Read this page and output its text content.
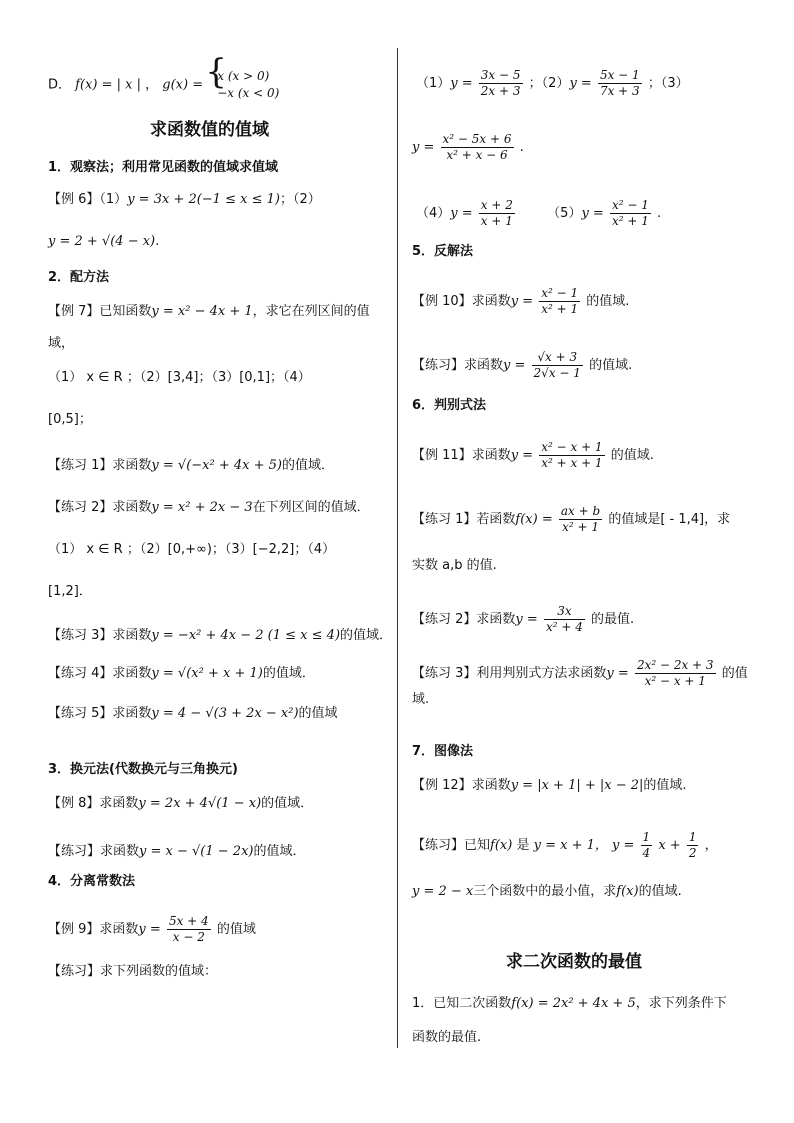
D． f(x) = | x | ， g(x) =
{ x (x > 0)
−x (x < 0)
求函数值的值域
1．观察法；利用常见函数的值域求值域
【例 6】（1）y = 3x + 2(−1 ≤ x ≤ 1)；（2）
y = 2 + √(4 − x).
2．配方法
【例 7】已知函数y = x² − 4x + 1，求它在列区间的值
域，
（1） x ∈ R ；（2）[3,4]；（3）[0,1]；（4）
[0,5]；
【练习 1】求函数y = √(−x² + 4x + 5)的值域．
【练习 2】求函数y = x² + 2x − 3在下列区间的值域．
（1） x ∈ R ；（2）[0,+∞)；（3）[−2,2]；（4）
[1,2]．
【练习 3】求函数y = −x² + 4x − 2 (1 ≤ x ≤ 4)的值域．
【练习 4】求函数y = √(x² + x + 1)的值域．
【练习 5】求函数y = 4 − √(3 + 2x − x²)的值域
3．换元法(代数换元与三角换元)
【例 8】求函数y = 2x + 4√(1 − x)的值域．
【练习】求函数y = x − √(1 − 2x)的值域．
4．分离常数法
【例 9】求函数$y = \frac{5x + 4}{x - 2}$ 的值域
【练习】求下列函数的值域：
$(1)y = \frac{3x - 5}{2x + 3}$ ；$(2)y = \frac{5x - 1}{7x + 3}$ ；（3）
$y = \frac{\text{x² − 5x + 6}}{\text{x² + x − 6}}$ .
$(4)y = \frac{x + 2}{x + 1} (5)y = \frac{\text{x² − 1}}{\text{x² + 1}}$ .
5．反解法
【例 10】求函数$y = \frac{\text{x² − 1}}{\text{x² + 1}}$ 的值域.
【练习】求函数$y = \frac{√x + 3}{2√x - 1}$ 的值域.
6．判别式法
【例 11】求函数$y = \frac{\text{x² − x + 1}}{\text{x² + x + 1}}$ 的值域.
【练习 1】若函数$f(x) = \frac{ax + b}{\text{x² + 1}}$ 的值域是[ - 1,4]，求
实数 a,b 的值.
【练习 2】求函数$y = \frac{3x}{\text{x² + 4}}$ 的最值.
【练习 3】利用判别式方法求函数$y = \frac{\text{2x² − 2x + 3}}{\text{x² − x + 1}}$ 的值
域.
7．图像法
【例 12】求函数y = |x + 1| + |x − 2|的值域.
【练习】已知f(x) 是 y = x + 1， $y = \frac{1}{4}$ $x + \frac{1}{2}$ ，
y = 2 − x三个函数中的最小值，求f(x)的值域.
求二次函数的最值
1．已知二次函数f(x) = 2x² + 4x + 5，求下列条件下
函数的最值.
